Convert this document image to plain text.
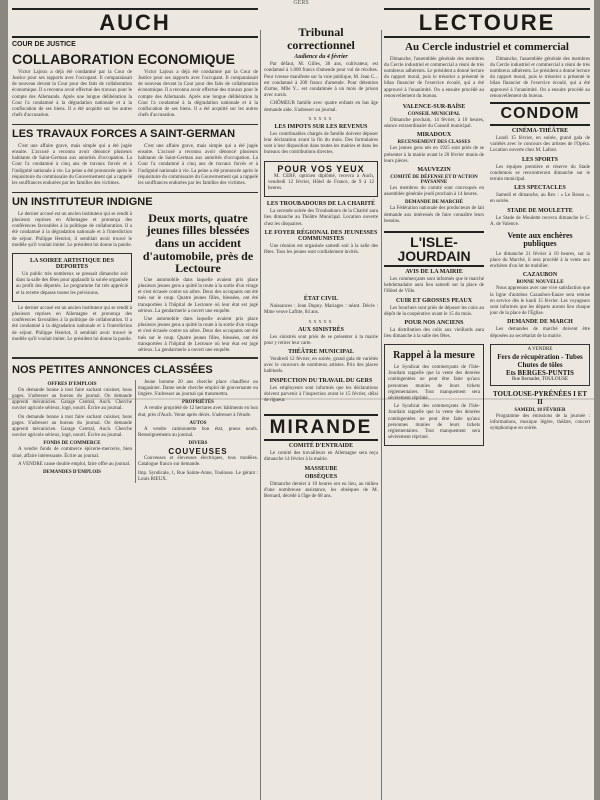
GERS
AUCH
COUR DE JUSTICE
COLLABORATION ECONOMIQUE

Victor Lajoux a déjà été condamné par la Cour de Justice pour ses rapports avec l'occupant. Il comparaissait de nouveau devant la Cour pour des faits de collaboration économique. Il a reconnu avoir effectué des travaux pour le compte des Allemands. Après une longue délibération la Cour l'a condamné à la dégradation nationale et à la confiscation de ses biens. Il a été acquitté sur les autres chefs d'accusation.

Victor Lajoux a déjà été condamné par la Cour de Justice pour ses rapports avec l'occupant. Il comparaissait de nouveau devant la Cour pour des faits de collaboration économique. Il a reconnu avoir effectué des travaux pour le compte des Allemands. Après une longue délibération la Cour l'a condamné à la dégradation nationale et à la confiscation de ses biens. Il a été acquitté sur les autres chefs d'accusation.

LES TRAVAUX FORCES A SAINT-GERMAN

C'est une affaire grave, mais simple qui a été jugée ensuite. L'accusé a reconnu avoir dénoncé plusieurs habitants de Saint-German aux autorités d'occupation. La Cour l'a condamné à cinq ans de travaux forcés et à l'indignité nationale à vie. La peine a été prononcée après le réquisitoire du commissaire du Gouvernement qui a rappelé les souffrances endurées par les familles des victimes.

C'est une affaire grave, mais simple qui a été jugée ensuite. L'accusé a reconnu avoir dénoncé plusieurs habitants de Saint-German aux autorités d'occupation. La Cour l'a condamné à cinq ans de travaux forcés et à l'indignité nationale à vie. La peine a été prononcée après le réquisitoire du commissaire du Gouvernement qui a rappelé les souffrances endurées par les familles des victimes.

UN INSTITUTEUR INDIGNE

Le dernier accusé est un ancien instituteur qui se rendit à plusieurs reprises en Allemagne et prononça des conférences favorables à la politique de collaboration. Il a été condamné à la dégradation nationale et à l'interdiction de séjour. Philippe Henriot, il semblait avoir trouvé le modèle qu'il voulait imiter. Le président lui donne la parole.

LA SOIREE ARTISTIQUE DES DEPORTES

Un public très nombreux se pressait dimanche soir dans la salle des fêtes pour applaudir la soirée organisée au profit des déportés. Le programme fut très apprécié et la recette dépasse toutes les prévisions.

Le dernier accusé est un ancien instituteur qui se rendit à plusieurs reprises en Allemagne et prononça des conférences favorables à la politique de collaboration. Il a été condamné à la dégradation nationale et à l'interdiction de séjour. Philippe Henriot, il semblait avoir trouvé le modèle qu'il voulait imiter. Le président lui donne la parole.

Deux morts, quatre jeunes filles blessées dans un accident d'automobile, près de Lectoure

Une automobile dans laquelle avaient pris place plusieurs jeunes gens a quitté la route à la sortie d'un virage et s'est écrasée contre un arbre. Deux des occupants ont été tués sur le coup. Quatre jeunes filles, blessées, ont été transportées à l'hôpital de Lectoure où leur état est jugé sérieux. La gendarmerie a ouvert une enquête.

Une automobile dans laquelle avaient pris place plusieurs jeunes gens a quitté la route à la sortie d'un virage et s'est écrasée contre un arbre. Deux des occupants ont été tués sur le coup. Quatre jeunes filles, blessées, ont été transportées à l'hôpital de Lectoure où leur état est jugé sérieux. La gendarmerie a ouvert une enquête.

NOS PETITES ANNONCES CLASSÉES
OFFRES D'EMPLOIS

On demande bonne à tout faire sachant cuisiner, bons gages. S'adresser au bureau du journal. On demande apprenti mécanicien. Garage Central, Auch. Cherche ouvrier agricole sérieux, logé, nourri. Écrire au journal.

On demande bonne à tout faire sachant cuisiner, bons gages. S'adresser au bureau du journal. On demande apprenti mécanicien. Garage Central, Auch. Cherche ouvrier agricole sérieux, logé, nourri. Écrire au journal.

FONDS DE COMMERCE

A vendre fonds de commerce épicerie-mercerie, bien situé, affaire intéressante. Écrire au journal.

A VENDRE cause double emploi, faire offre au journal.

DEMANDES D'EMPLOIS

Jeune homme 20 ans cherche place chauffeur ou magasinier. Dame seule cherche emploi de gouvernante ou lingère. S'adresser au journal qui transmettra.

PROPRIÉTÉS

A vendre propriété de 12 hectares avec bâtiments en bon état, près d'Auch. Vente après décès. S'adresser à l'étude.

AUTOS

A vendre camionnette bon état, pneus neufs. Renseignements au journal.

DIVERS
COUVEUSES

Couveuses et éleveuses électriques, tous modèles. Catalogue franco sur demande.

Imp. Syndicale, 1, Rue Sainte-Anne, Toulouse. Le gérant : Louis RIEUX.

Tribunal correctionnel
Audience du 4 février

Par défaut, M. Gilles, 38 ans, cultivateur, est condamné à 1.000 francs d'amende pour vol de récoltes. Pour ivresse manifeste sur la voie publique, M. Jean C... est condamné à 200 francs d'amende. Pour détention d'arme, Mlle Y... est condamnée à un mois de prison avec sursis.

CHÔMEUR famille avec quatre enfants en bas âge demande aide. S'adresser au journal.

xxxxx
LES IMPOTS SUR LES REVENUS

Les contribuables chargés de famille doivent déposer leur déclaration avant la fin du mois. Des formulaires sont à leur disposition dans toutes les mairies et dans les bureaux des contributions directes.

POUR VOS YEUX

M. CERF, opticien diplômé, recevra à Auch, vendredi 12 février, Hôtel de France, de 9 à 12 heures.

LES TROUBADOURS DE LA CHARITÉ

La seconde soirée des Troubadours de la Charité aura lieu dimanche au Théâtre Municipal. Location ouverte chez les disquaires.

LE FOYER RÉGIONAL DES JEUNESSES COMMUNISTES

Une réunion est organisée samedi soir à la salle des fêtes. Tous les jeunes sont cordialement invités.

ÉTAT CIVIL

Naissances : Jean Dupuy. Mariages : néant. Décès : Mme veuve Lafitte, 84 ans.

xxxxx
AUX SINISTRÉS

Les sinistrés sont priés de se présenter à la mairie pour y retirer leur carte.

THÉÂTRE MUNICIPAL

Vendredi 12 février, en soirée, grand gala de variétés avec le concours de nombreux artistes. Prix des places habituels.

INSPECTION DU TRAVAIL DU GERS

Les employeurs sont informés que les déclarations doivent parvenir à l'inspection avant le 15 février, délai de rigueur.

MIRANDE
COMITÉ D'ENTRAIDE

Le comité des travailleurs en Allemagne sera reçu dimanche 14 février à la mairie.

MASSEUBE
OBSÈQUES

Dimanche dernier à 10 heures ont eu lieu, au milieu d'une nombreuse assistance, les obsèques de M. Bernard, décédé à l'âge de 68 ans.

LECTOURE
Au Cercle industriel et commercial

Dimanche, l'assemblée générale des membres du Cercle industriel et commercial a réuni de très nombreux adhérents. Le président a donné lecture du rapport moral, puis le trésorier a présenté le bilan financier de l'exercice écoulé, qui a été approuvé à l'unanimité. On a ensuite procédé au renouvellement du bureau.

Dimanche, l'assemblée générale des membres du Cercle industriel et commercial a réuni de très nombreux adhérents. Le président a donné lecture du rapport moral, puis le trésorier a présenté le bilan financier de l'exercice écoulé, qui a été approuvé à l'unanimité. On a ensuite procédé au renouvellement du bureau.

VALENCE-SUR-BAÏSE
CONSEIL MUNICIPAL

Dimanche prochain, 14 février, à 10 heures, séance extraordinaire du Conseil municipal.

MIRADOUX
RECENSEMENT DES CLASSES

Les jeunes gens nés en 1925 sont priés de se présenter à la mairie avant le 20 février munis de leurs pièces.

MAUVEZIN
COMITÉ DE DÉFENSE ET D'ACTION PAYSANNE

Les membres du comité sont convoqués en assemblée générale jeudi prochain à 14 heures.

DEMANDE DE MARCHÉ

La Fédération nationale des producteurs de lait demande aux intéressés de faire connaître leurs besoins.

L'ISLE-JOURDAIN
AVIS DE LA MAIRIE

Les commerçants sont informés que le marché hebdomadaire aura lieu samedi sur la place de l'Hôtel de Ville.

CUIR ET GROSSES PEAUX

Les bouchers sont priés de déposer les cuirs au dépôt de la coopérative avant le 15 du mois.

POUR NOS ANCIENS

La distribution des colis aux vieillards aura lieu dimanche à la salle des fêtes.

Rappel à la mesure

Le Syndicat des commerçants de l'Isle-Jourdain rappelle que la vente des denrées contingentées ne peut être faite qu'aux personnes munies de leurs tickets réglementaires. Tout manquement sera sévèrement réprimé.

Le Syndicat des commerçants de l'Isle-Jourdain rappelle que la vente des denrées contingentées ne peut être faite qu'aux personnes munies de leurs tickets réglementaires. Tout manquement sera sévèrement réprimé.

CONDOM
CINÉMA-THÉÂTRE

Lundi 15 février, en soirée, grand gala de variétés avec le concours des artistes de l'Opéra. Location ouverte chez M. Lafont.

LES SPORTS

Les équipes première et réserve du Stade condomois se rencontreront dimanche sur le terrain municipal.

LES SPECTACLES

Samedi et dimanche, au Rex : « Le Bossu », en soirée.

STADE DE MOULETTE

Le Stade de Moulette recevra dimanche le C. A. de Valence.

Vente aux enchères publiques

Le dimanche 21 février à 10 heures, sur la place du Marché, il sera procédé à la vente aux enchères d'un lot de mobilier.

CAZAUBON
BONNE NOUVELLE

Nous apprenons avec une vive satisfaction que la ligne d'autobus Cazaubon-Eauze sera remise en service dès le lundi 15 février. Les voyageurs sont informés que les départs auront lieu chaque jour de la place de l'Église.

DEMANDE DE MARCH

Les demandes de marché doivent être déposées au secrétariat de la mairie.

A VENDRE
Fers de récupération - Tubes
Chutes de tôles
Ets BERGES-PUNTIS
Rue Bernadet, TOULOUSE
TOULOUSE-PYRÉNÉES I ET II
SAMEDI, 18 FÉVRIER

Programme des émissions de la journée : informations, musique légère, théâtre, concert symphonique en soirée.
